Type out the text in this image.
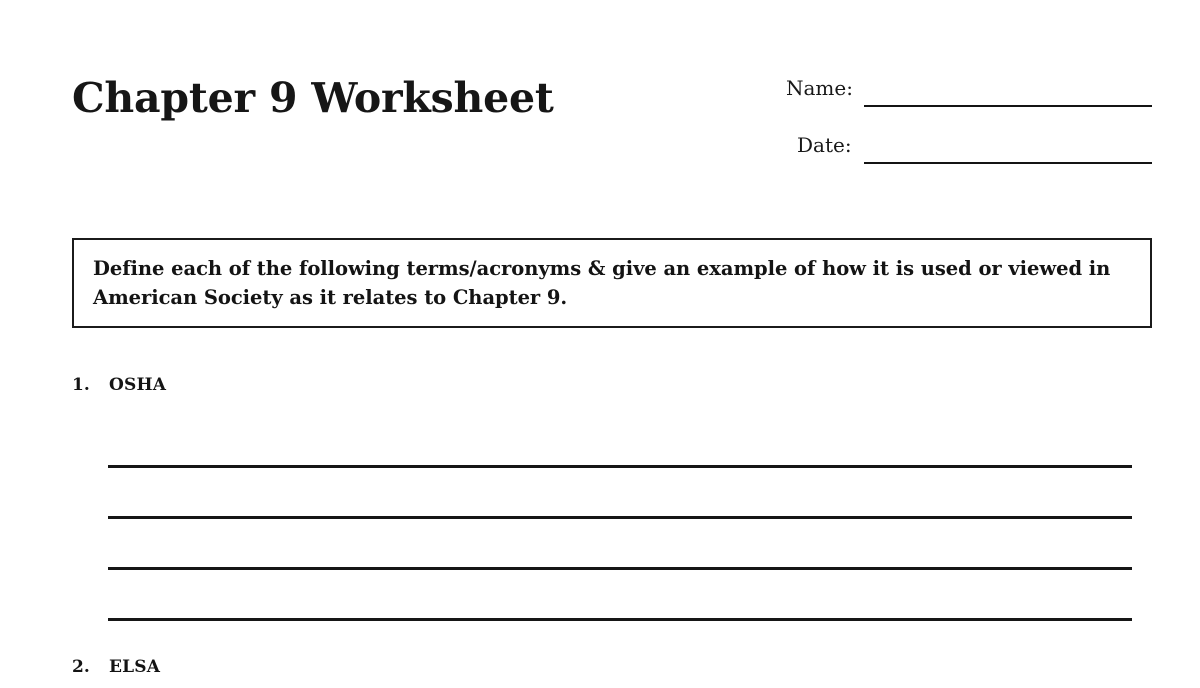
Chapter 9 Worksheet	Name:
Date:
Define each of the following terms/acronyms & give an example of how it is used or viewed in American Society as it relates to Chapter 9.
1. OSHA
2. ELSA
